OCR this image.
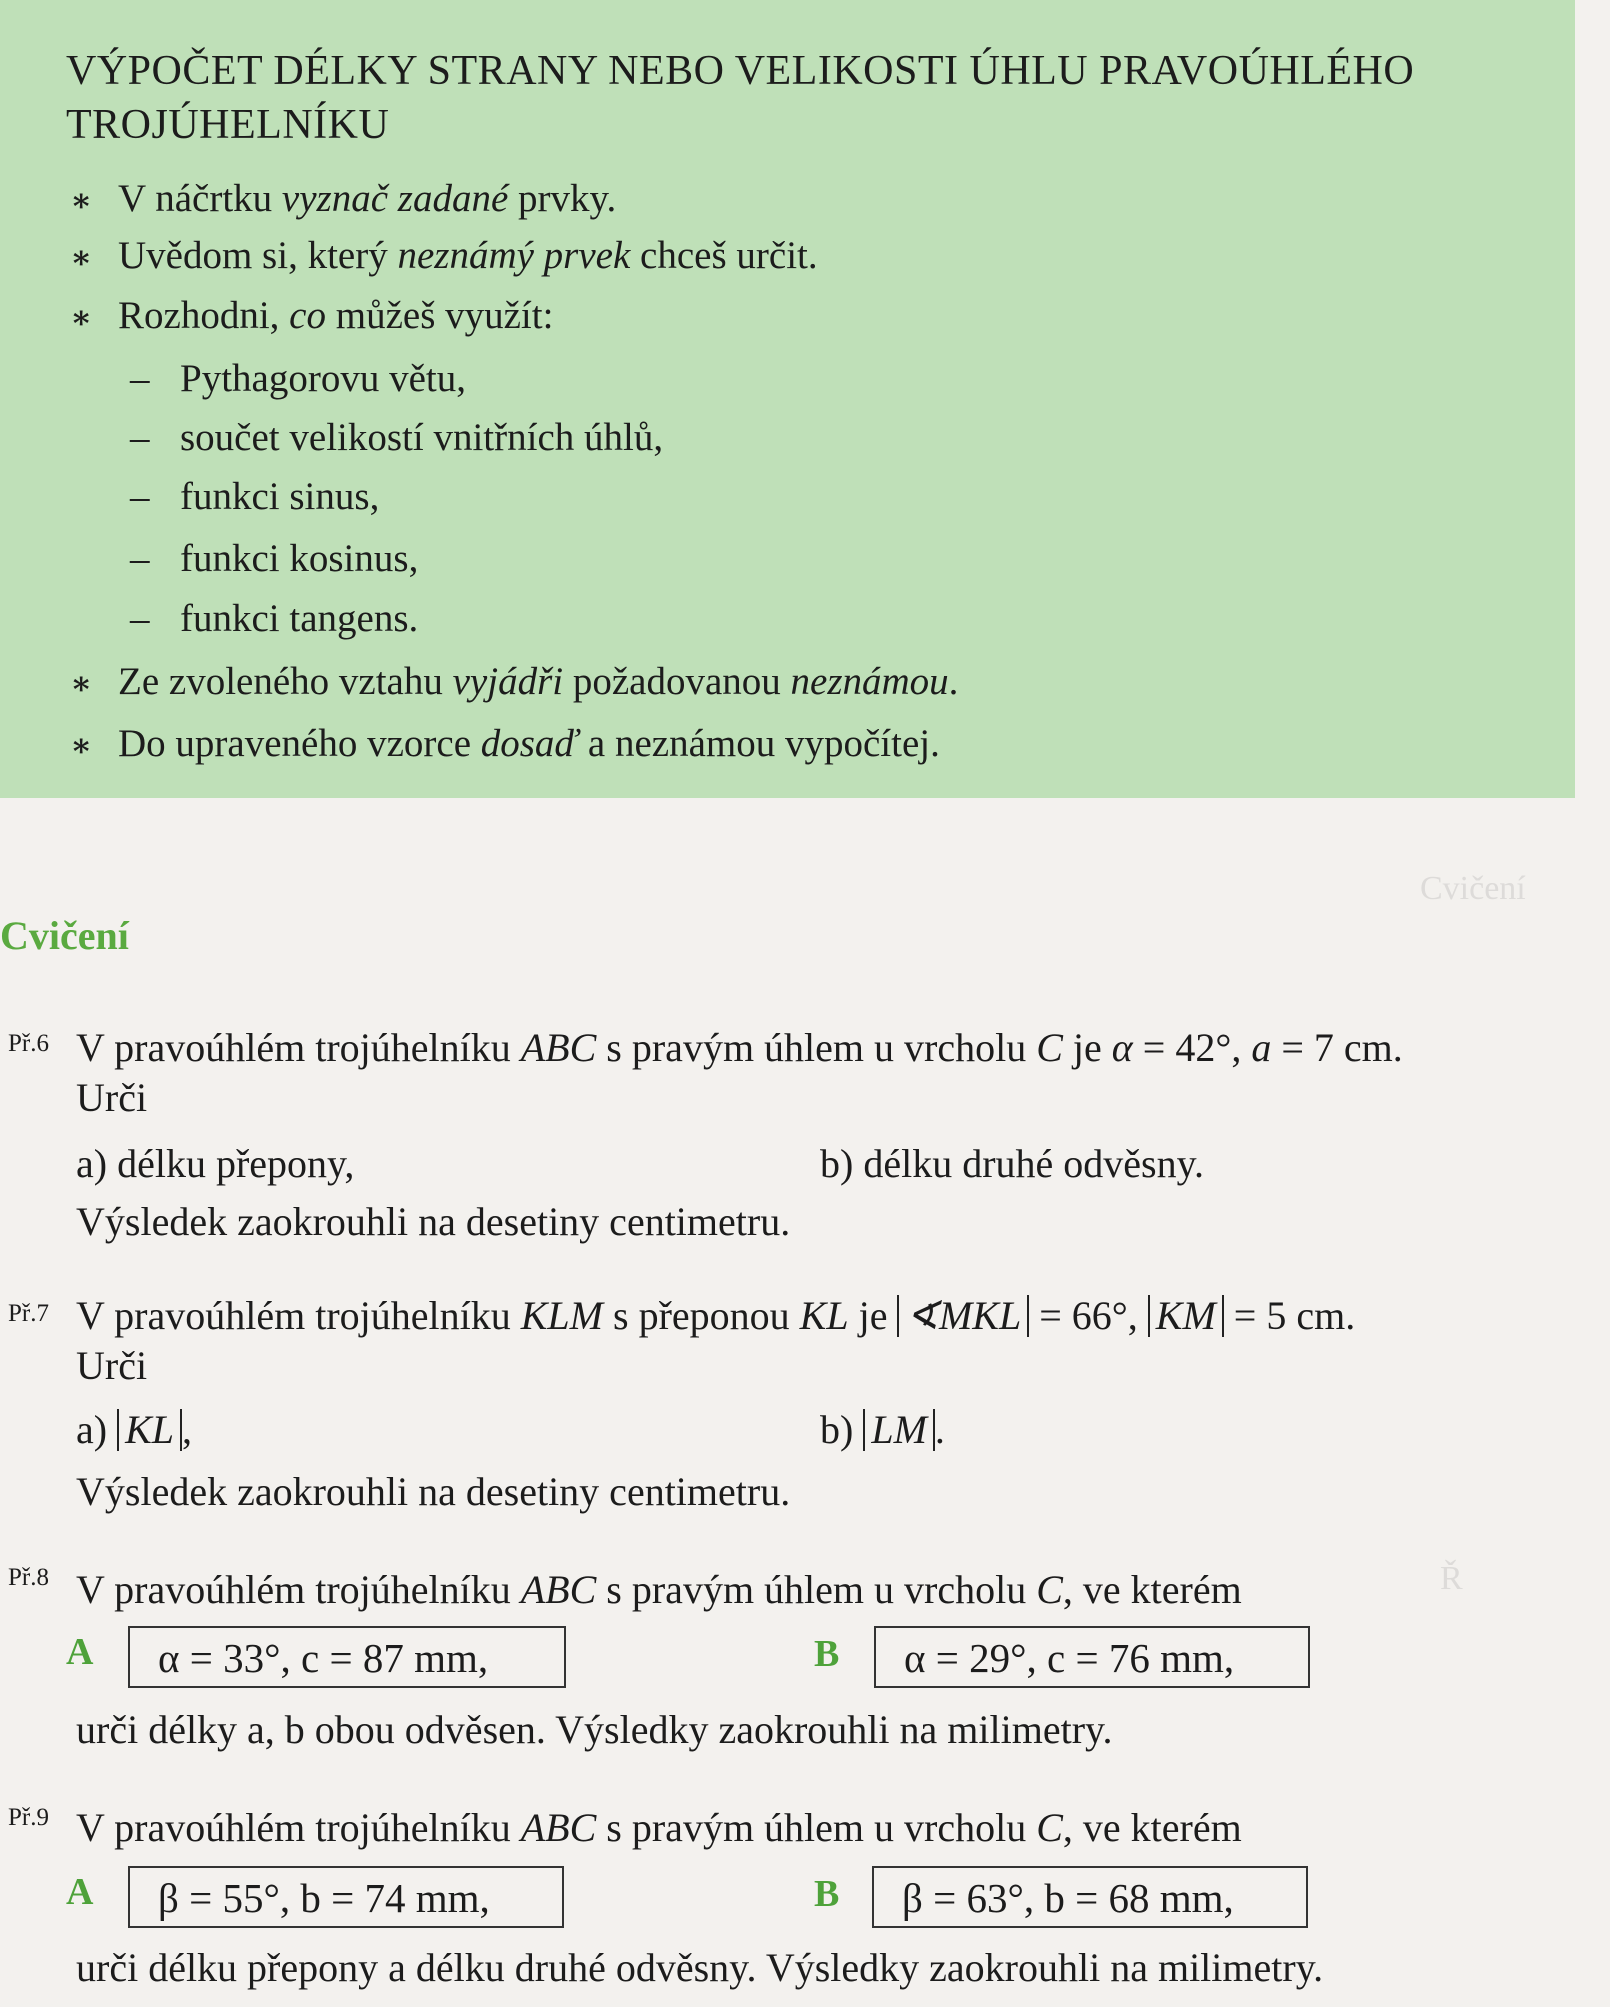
Cvičení
Ř
VÝPOČET DÉLKY STRANY NEBO VELIKOSTI ÚHLU PRAVOÚHLÉHO TROJÚHELNÍKU
∗ V náčrtku vyznač zadané prvky.
∗ Uvědom si, který neznámý prvek chceš určit.
∗ Rozhodni, co můžeš využít:
– Pythagorovu větu,
– součet velikostí vnitřních úhlů,
– funkci sinus,
– funkci kosinus,
– funkci tangens.
∗ Ze zvoleného vztahu vyjádři požadovanou neznámou.
∗ Do upraveného vzorce dosaď a neznámou vypočítej.
Cvičení
Př.6 V pravoúhlém trojúhelníku ABC s pravým úhlem u vrcholu C je α = 42°, a = 7 cm.
Urči
a) délku přepony,	b) délku druhé odvěsny.
Výsledek zaokrouhli na desetiny centimetru.
Př.7 V pravoúhlém trojúhelníku KLM s přeponou KL je ∢MKL = 66°, KM = 5 cm.
Urči
a) KL ,	b) LM .
Výsledek zaokrouhli na desetiny centimetru.
Př.8 V pravoúhlém trojúhelníku ABC s pravým úhlem u vrcholu C, ve kterém
A	α = 33°, c = 87 mm,	B	α = 29°, c = 76 mm,
urči délky a, b obou odvěsen. Výsledky zaokrouhli na milimetry.
Př.9 V pravoúhlém trojúhelníku ABC s pravým úhlem u vrcholu C, ve kterém
A	β = 55°, b = 74 mm,	B	β = 63°, b = 68 mm,
urči délku přepony a délku druhé odvěsny. Výsledky zaokrouhli na milimetry.
